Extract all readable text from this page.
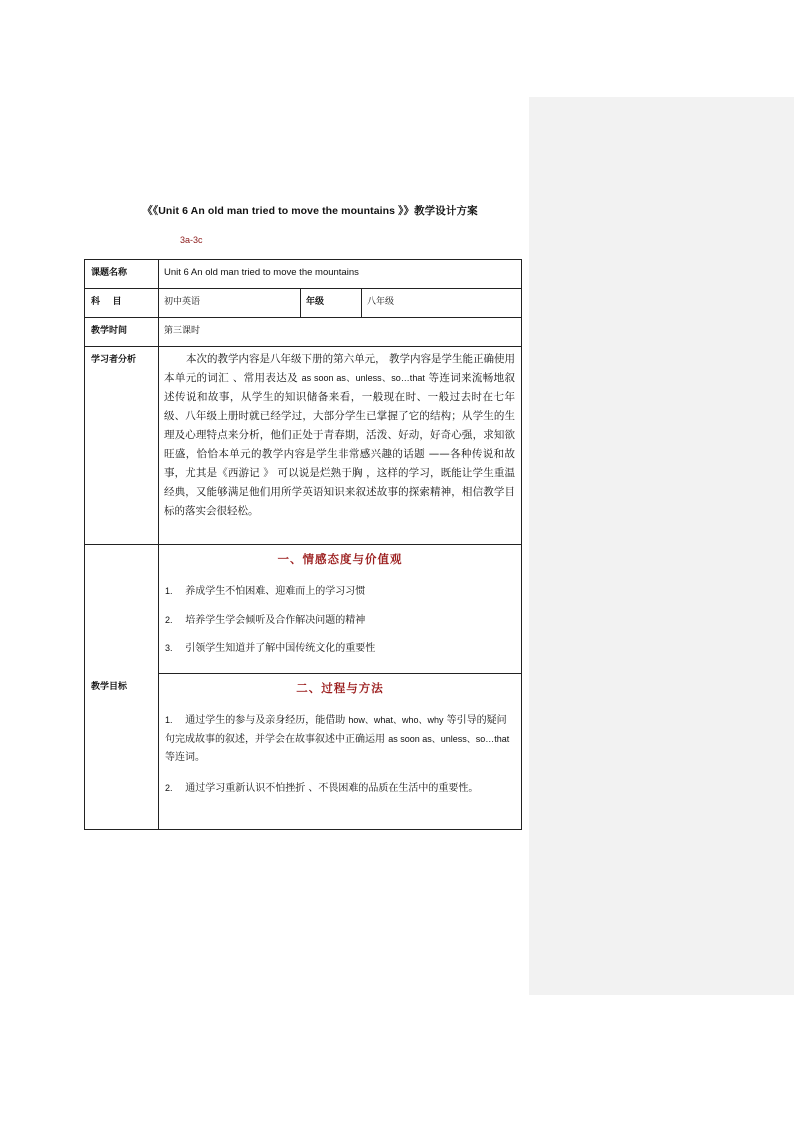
《《Unit 6 An old man tried to move the mountains 》》教学设计方案
3a-3c
课题名称	Unit 6 An old man tried to move the mountains		
科    目	初中英语	年级	八年级
教学时间	第三课时		
学习者分析	本次的教学内容是八年级下册的第六单元， 教学内容是学生能正确使用本单元的词汇 、常用表达及 as soon as、unless、so…that 等连词来流畅地叙述传说和故事，从学生的知识储备来看，一般现在时、一般过去时在七年级、八年级上册时就已经学过，大部分学生已掌握了它的结构；从学生的生理及心理特点来分析，他们正处于青春期，活泼、好动，好奇心强，求知欲旺盛，恰恰本单元的教学内容是学生非常感兴趣的话题 ——各种传说和故事，尤其是《西游记 》 可以说是烂熟于胸 ，这样的学习，既能让学生重温经典，又能够满足他们用所学英语知识来叙述故事的探索精神，相信教学目标的落实会很轻松。		
教学目标	一、情感态度与价值观
1. 养成学生不怕困难、迎难而上的学习习惯
2. 培养学生学会倾听及合作解决问题的精神
3. 引领学生知道并了解中国传统文化的重要性		

	二、过程与方法
1. 通过学生的参与及亲身经历，能借助 how、what、who、why 等引导的疑问句完成故事的叙述，并学会在故事叙述中正确运用 as soon as、unless、so…that 等连词。
2. 通过学习重新认识不怕挫折 、不畏困难的品质在生活中的重要性。		
